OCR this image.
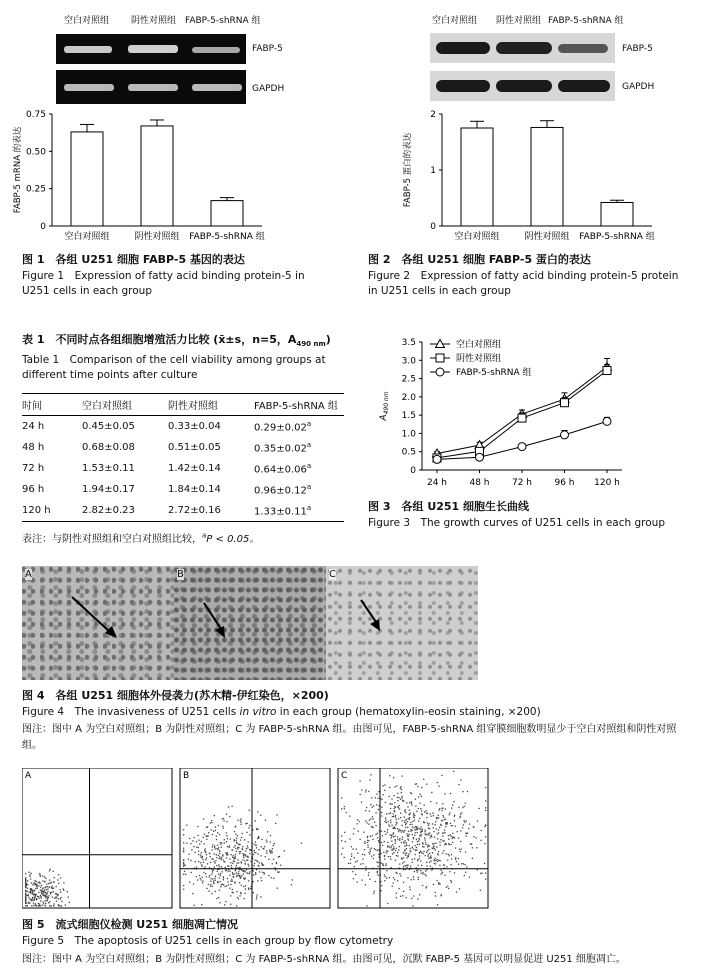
空白对照组 阴性对照组 FABP-5-shRNA 组
FABP-5
GAPDH
0
0.25
0.50
0.75
FABP-5 mRNA 的表达
空白对照组	阴性对照组 FABP-5-shRNA 组
图 1　各组 U251 细胞 FABP-5 基因的表达
Figure 1　Expression of fatty acid binding protein-5 in U251 cells in each group
空白对照组 阴性对照组 FABP-5-shRNA 组
FABP-5
GAPDH
0
1
2
FABP-5 蛋白的表达
空白对照组	阴性对照组 FABP-5-shRNA 组
图 2　各组 U251 细胞 FABP-5 蛋白的表达
Figure 2　Expression of fatty acid binding protein-5 protein in U251 cells in each group
表 1　不同时点各组细胞增殖活力比较 (x̄±s，n=5，$A_{490 nm}$)
Table 1　Comparison of the cell viability among groups at different time points after culture
时间	空白对照组	阴性对照组	FABP-5-shRNA 组
24 h	0.45±0.05	0.33±0.04	0.29±0.02$^a$
48 h	0.68±0.08	0.51±0.05	0.35±0.02$^a$
72 h	1.53±0.11	1.42±0.14	0.64±0.06$^a$
96 h	1.94±0.17	1.84±0.14	0.96±0.12$^a$
120 h	2.82±0.23	2.72±0.16	1.33±0.11$^a$
表注：与阴性对照组和空白对照组比较，$^a$P < 0.05。
0
0.5
1.0
1.5
2.0
2.5
3.0
3.5
24 h 48 h 72 h 96 h 120 h
$A_{490 nm}$
空白对照组
阴性对照组
FABP-5-shRNA 组
图 3　各组 U251 细胞生长曲线
Figure 3　The growth curves of U251 cells in each group
A	B	C
图 4　各组 U251 细胞体外侵袭力(苏木精-伊红染色，×200)
Figure 4　The invasiveness of U251 cells in vitro in each group (hematoxylin-eosin staining, ×200)
图注：图中 A 为空白对照组；B 为阴性对照组；C 为 FABP-5-shRNA 组。由图可见，FABP-5-shRNA 组穿膜细胞数明显少于空白对照组和阴性对照组。
A	B	C
图 5　流式细胞仪检测 U251 细胞凋亡情况
Figure 5　The apoptosis of U251 cells in each group by flow cytometry
图注：图中 A 为空白对照组；B 为阴性对照组；C 为 FABP-5-shRNA 组。由图可见，沉默 FABP-5 基因可以明显促进 U251 细胞凋亡。
